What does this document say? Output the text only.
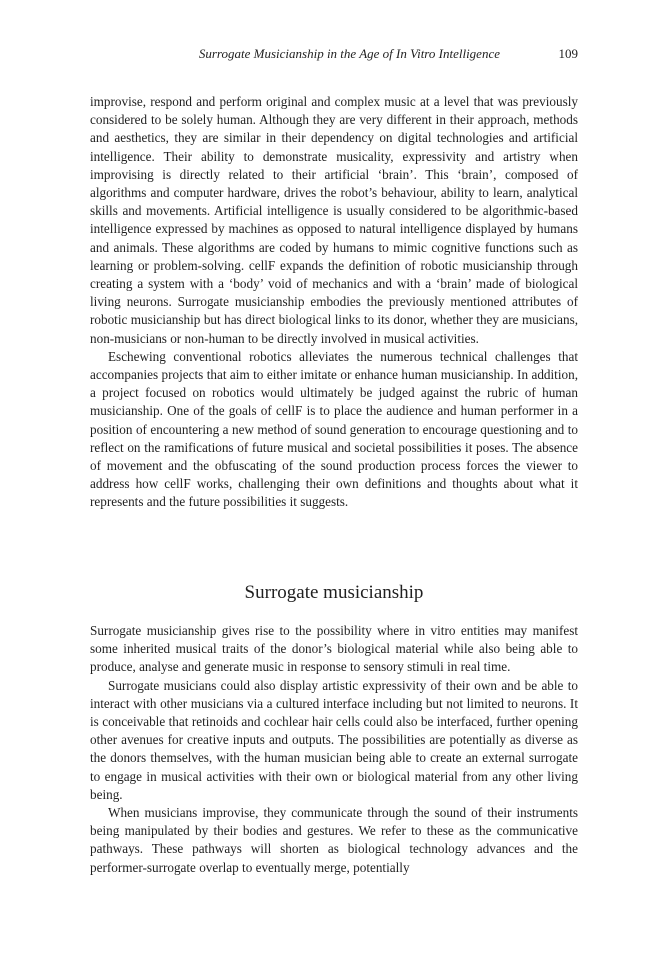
Surrogate Musicianship in the Age of In Vitro Intelligence	109

improvise, respond and perform original and complex music at a level that was previously considered to be solely human. Although they are very different in their approach, methods and aesthetics, they are similar in their dependency on digital technologies and artificial intelligence. Their ability to demonstrate musicality, expressivity and artistry when improvising is directly related to their artificial ‘brain’. This ‘brain’, composed of algorithms and computer hardware, drives the robot’s behaviour, ability to learn, analytical skills and movements. Artificial intelligence is usually considered to be algorithmic-based intelligence expressed by machines as opposed to natural intelligence displayed by humans and animals. These algorithms are coded by humans to mimic cognitive functions such as learning or problem-solving. cellF expands the definition of robotic musicianship through creating a system with a ‘body’ void of mechanics and with a ‘brain’ made of biological living neurons. Surrogate musicianship embodies the previously mentioned attributes of robotic musicianship but has direct biological links to its donor, whether they are musicians, non-musicians or non-human to be directly involved in musical activities.

Eschewing conventional robotics alleviates the numerous technical challenges that accompanies projects that aim to either imitate or enhance human musicianship. In addition, a project focused on robotics would ultimately be judged against the rubric of human musicianship. One of the goals of cellF is to place the audience and human performer in a position of encountering a new method of sound generation to encourage questioning and to reflect on the ramifications of future musical and societal possibilities it poses. The absence of movement and the obfuscating of the sound production process forces the viewer to address how cellF works, challenging their own definitions and thoughts about what it represents and the future possibilities it suggests.

Surrogate musicianship

Surrogate musicianship gives rise to the possibility where in vitro entities may manifest some inherited musical traits of the donor’s biological material while also being able to produce, analyse and generate music in response to sensory stimuli in real time.

Surrogate musicians could also display artistic expressivity of their own and be able to interact with other musicians via a cultured interface including but not limited to neurons. It is conceivable that retinoids and cochlear hair cells could also be interfaced, further opening other avenues for creative inputs and outputs. The possibilities are potentially as diverse as the donors themselves, with the human musician being able to create an external surrogate to engage in musical activities with their own or biological material from any other living being.

When musicians improvise, they communicate through the sound of their instruments being manipulated by their bodies and gestures. We refer to these as the communicative pathways. These pathways will shorten as biological technology advances and the performer-surrogate overlap to eventually merge, potentially
